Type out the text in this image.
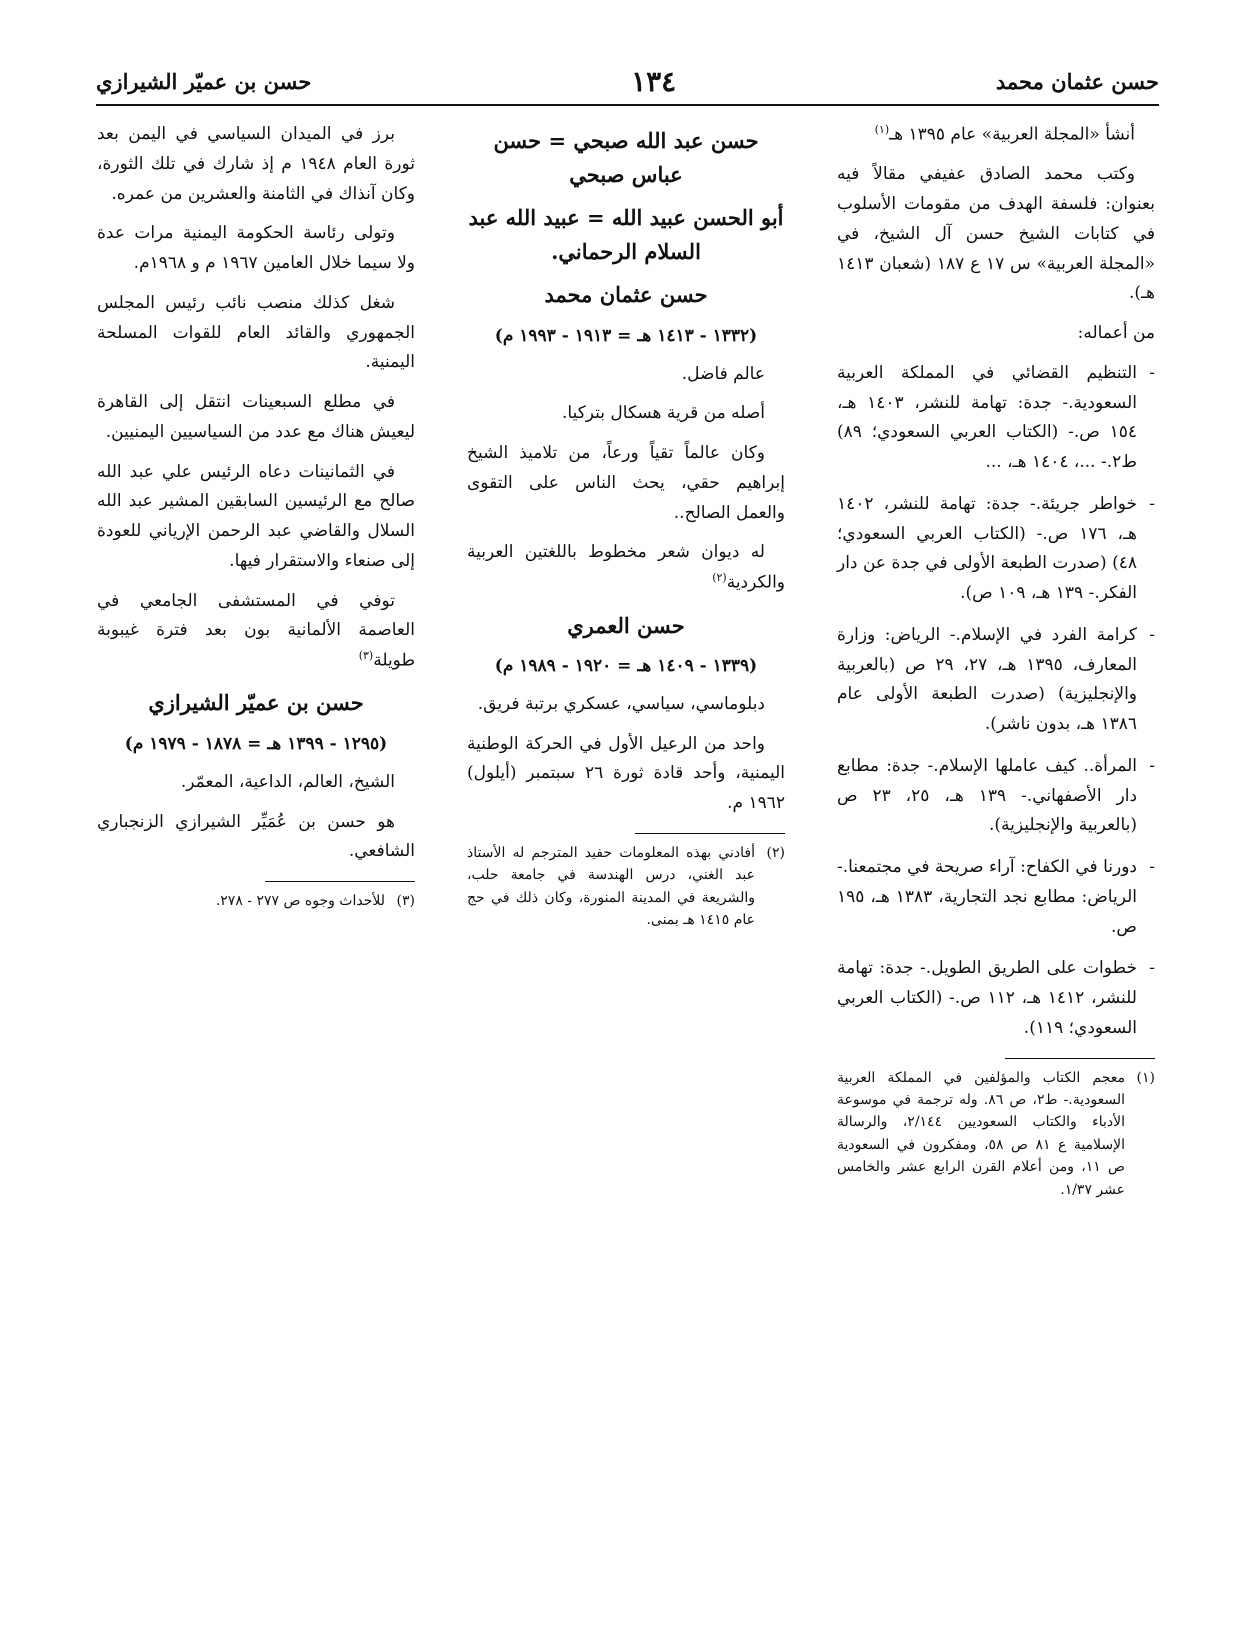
حسن عثمان محمد
١٣٤
حسن بن عميّر الشيرازي

أنشأ «المجلة العربية» عام ١٣٩٥ هـ$^{(١)}$

وكتب محمد الصادق عفيفي مقالاً فيه بعنوان: فلسفة الهدف من مقومات الأسلوب في كتابات الشيخ حسن آل الشيخ، في «المجلة العربية» س ١٧ ع ١٨٧ (شعبان ١٤١٣ هـ).

من أعماله:

- التنظيم القضائي في المملكة العربية السعودية.- جدة: تهامة للنشر، ١٤٠٣ هـ، ١٥٤ ص.- (الكتاب العربي السعودي؛ ٨٩) ط٢.- ...، ١٤٠٤ هـ، ...
- خواطر جريئة.- جدة: تهامة للنشر، ١٤٠٢ هـ، ١٧٦ ص.- (الكتاب العربي السعودي؛ ٤٨) (صدرت الطبعة الأولى في جدة عن دار الفكر.- ١٣٩ هـ، ١٠٩ ص).
- كرامة الفرد في الإسلام.- الرياض: وزارة المعارف، ١٣٩٥ هـ، ٢٧، ٢٩ ص (بالعربية والإنجليزية) (صدرت الطبعة الأولى عام ١٣٨٦ هـ، بدون ناشر).
- المرأة.. كيف عاملها الإسلام.- جدة: مطابع دار الأصفهاني.- ١٣٩ هـ، ٢٥، ٢٣ ص (بالعربية والإنجليزية).
- دورنا في الكفاح: آراء صريحة في مجتمعنا.- الرياض: مطابع نجد التجارية، ١٣٨٣ هـ، ١٩٥ ص.
- خطوات على الطريق الطويل.- جدة: تهامة للنشر، ١٤١٢ هـ، ١١٢ ص.- (الكتاب العربي السعودي؛ ١١٩).
(١)
معجم الكتاب والمؤلفين في المملكة العربية السعودية.- ط٢، ص ٨٦. وله ترجمة في موسوعة الأدباء والكتاب السعوديين ٢/١٤٤، والرسالة الإسلامية ع ٨١ ص ٥٨، ومفكرون في السعودية ص ١١، ومن أعلام القرن الرابع عشر والخامس عشر ١/٣٧.
حسن عبد الله صبحي = حسن عباس صبحي
أبو الحسن عبيد الله = عبيد الله عبد السلام الرحماني.
حسن عثمان محمد
(١٣٣٢ - ١٤١٣ هـ = ١٩١٣ - ١٩٩٣ م)

عالم فاضل.

أصله من قرية هسكال بتركيا.

وكان عالماً تقياً ورعاً، من تلاميذ الشيخ إبراهيم حقي، يحث الناس على التقوى والعمل الصالح..

له ديوان شعر مخطوط باللغتين العربية والكردية$^{(٢)}$

حسن العمري
(١٣٣٩ - ١٤٠٩ هـ = ١٩٢٠ - ١٩٨٩ م)

دبلوماسي، سياسي، عسكري برتبة فريق.

واحد من الرعيل الأول في الحركة الوطنية اليمنية، وأحد قادة ثورة ٢٦ سبتمبر (أيلول) ١٩٦٢ م.

(٢)
أفادني بهذه المعلومات حفيد المترجم له الأستاذ عبد الغني، درس الهندسة في جامعة حلب، والشريعة في المدينة المنورة، وكان ذلك في حج عام ١٤١٥ هـ بمنى.

برز في الميدان السياسي في اليمن بعد ثورة العام ١٩٤٨ م إذ شارك في تلك الثورة، وكان آنذاك في الثامنة والعشرين من عمره.

وتولى رئاسة الحكومة اليمنية مرات عدة ولا سيما خلال العامين ١٩٦٧ م و ١٩٦٨م.

شغل كذلك منصب نائب رئيس المجلس الجمهوري والقائد العام للقوات المسلحة اليمنية.

في مطلع السبعينات انتقل إلى القاهرة ليعيش هناك مع عدد من السياسيين اليمنيين.

في الثمانينات دعاه الرئيس علي عبد الله صالح مع الرئيسين السابقين المشير عبد الله السلال والقاضي عبد الرحمن الإرياني للعودة إلى صنعاء والاستقرار فيها.

توفي في المستشفى الجامعي في العاصمة الألمانية بون بعد فترة غيبوبة طويلة$^{(٣)}$

حسن بن عميّر الشيرازي
(١٢٩٥ - ١٣٩٩ هـ = ١٨٧٨ - ١٩٧٩ م)

الشيخ، العالم، الداعية، المعمّر.

هو حسن بن عُمَيِّر الشيرازي الزنجباري الشافعي.

(٣)
للأحداث وجوه ص ٢٧٧ - ٢٧٨.
